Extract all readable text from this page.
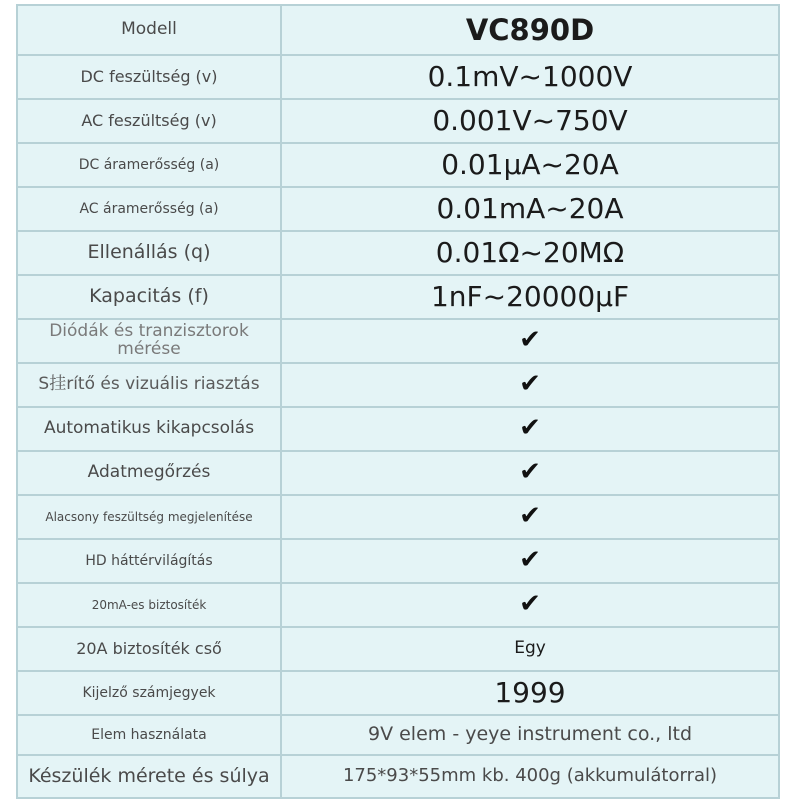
Modell	VC890D
DC feszültség (v)	0.1mV~1000V
AC feszültség (v)	0.001V~750V
DC áramerősség (a)	0.01μA~20A
AC áramerősség (a)	0.01mA~20A
Ellenállás (q)	0.01Ω~20MΩ
Kapacitás (f)	1nF~20000μF
Diódák és tranzisztorok mérése	✔
S挂rítő és vizuális riasztás	✔
Automatikus kikapcsolás	✔
Adatmegőrzés	✔
Alacsony feszültség megjelenítése	✔
HD háttérvilágítás	✔
20mA-es biztosíték	✔
20A biztosíték cső	Egy
Kijelző számjegyek	1999
Elem használata	9V elem - yeye instrument co., ltd
Készülék mérete és súlya	175*93*55mm kb. 400g (akkumulátorral)
